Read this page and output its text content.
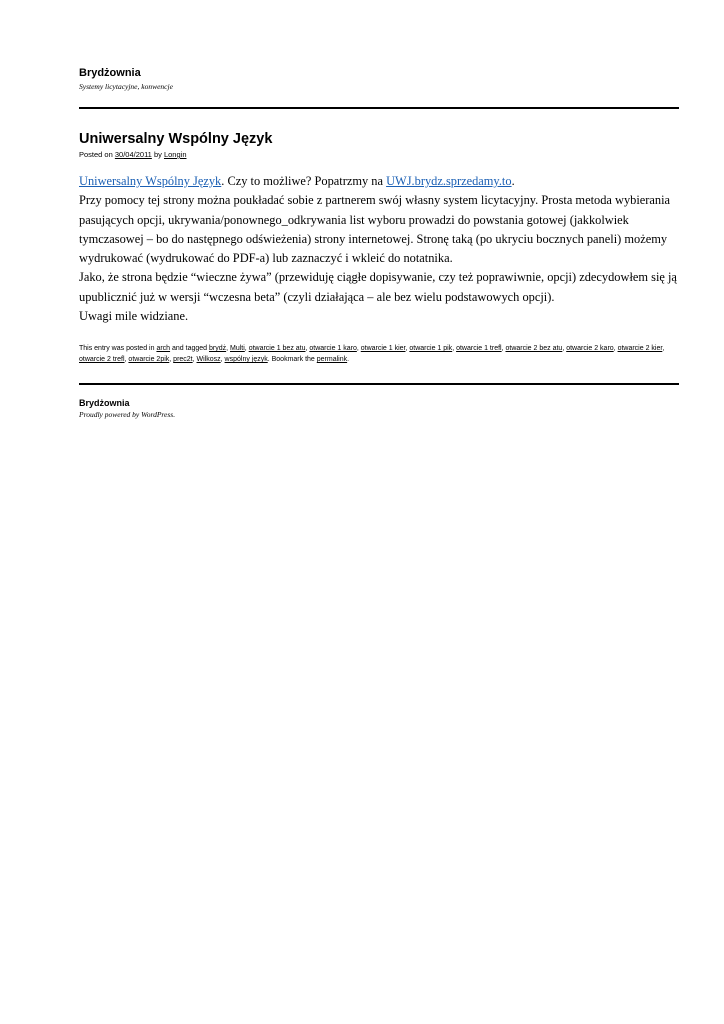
Brydżownia

Systemy licytacyjne, konwencje

Uniwersalny Wspólny Język
Posted on 30/04/2011 by Longin

Uniwersalny Wspólny Język. Czy to możliwe? Popatrzmy na UWJ.brydz.sprzedamy.to.

Przy pomocy tej strony można poukładać sobie z partnerem swój własny system licytacyjny. Prosta metoda wybierania pasujących opcji, ukrywania/ponownego_odkrywania list wyboru prowadzi do powstania gotowej (jakkolwiek tymczasowej – bo do następnego odświeżenia) strony internetowej. Stronę taką (po ukryciu bocznych paneli) możemy wydrukować (wydrukować do PDF-a) lub zaznaczyć i wkleić do notatnika.

Jako, że strona będzie “wieczne żywa” (przewiduję ciągłe dopisywanie, czy też poprawiwnie, opcji) zdecydowłem się ją upublicznić już w wersji “wczesna beta” (czyli działająca – ale bez wielu podstawowych opcji).

Uwagi mile widziane.

This entry was posted in arch and tagged brydż, Multi, otwarcie 1 bez atu, otwarcie 1 karo, otwarcie 1 kier, otwarcie 1 pik, otwarcie 1 trefl, otwarcie 2 bez atu, otwarcie 2 karo, otwarcie 2 kier, otwarcie 2 trefl, otwarcie 2pik, prec2t, Wilkosz, wspólny język. Bookmark the permalink.
Brydżownia
Proudly powered by WordPress.
